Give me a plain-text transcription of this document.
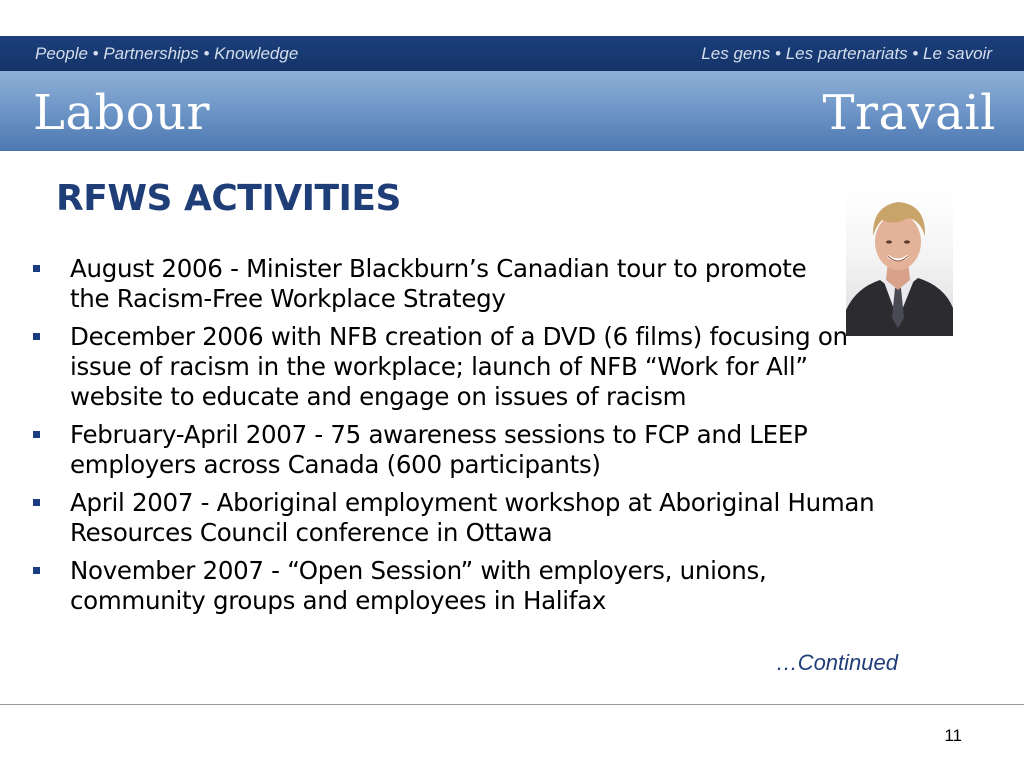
People • Partnerships • Knowledge	Les gens • Les partenariats • Le savoir
Labour	Travail
RFWS ACTIVITIES
August 2006 - Minister Blackburn’s Canadian tour to promote the Racism-Free Workplace Strategy
December 2006 with NFB creation of a DVD (6 films) focusing on issue of racism in the workplace; launch of NFB “Work for All” website to educate and engage on issues of racism
February-April 2007 - 75 awareness sessions to FCP and LEEP employers across Canada (600 participants)
April 2007 - Aboriginal employment workshop at Aboriginal Human Resources Council conference in Ottawa
November 2007 - “Open Session” with employers, unions, community groups and employees in Halifax
…Continued
11
